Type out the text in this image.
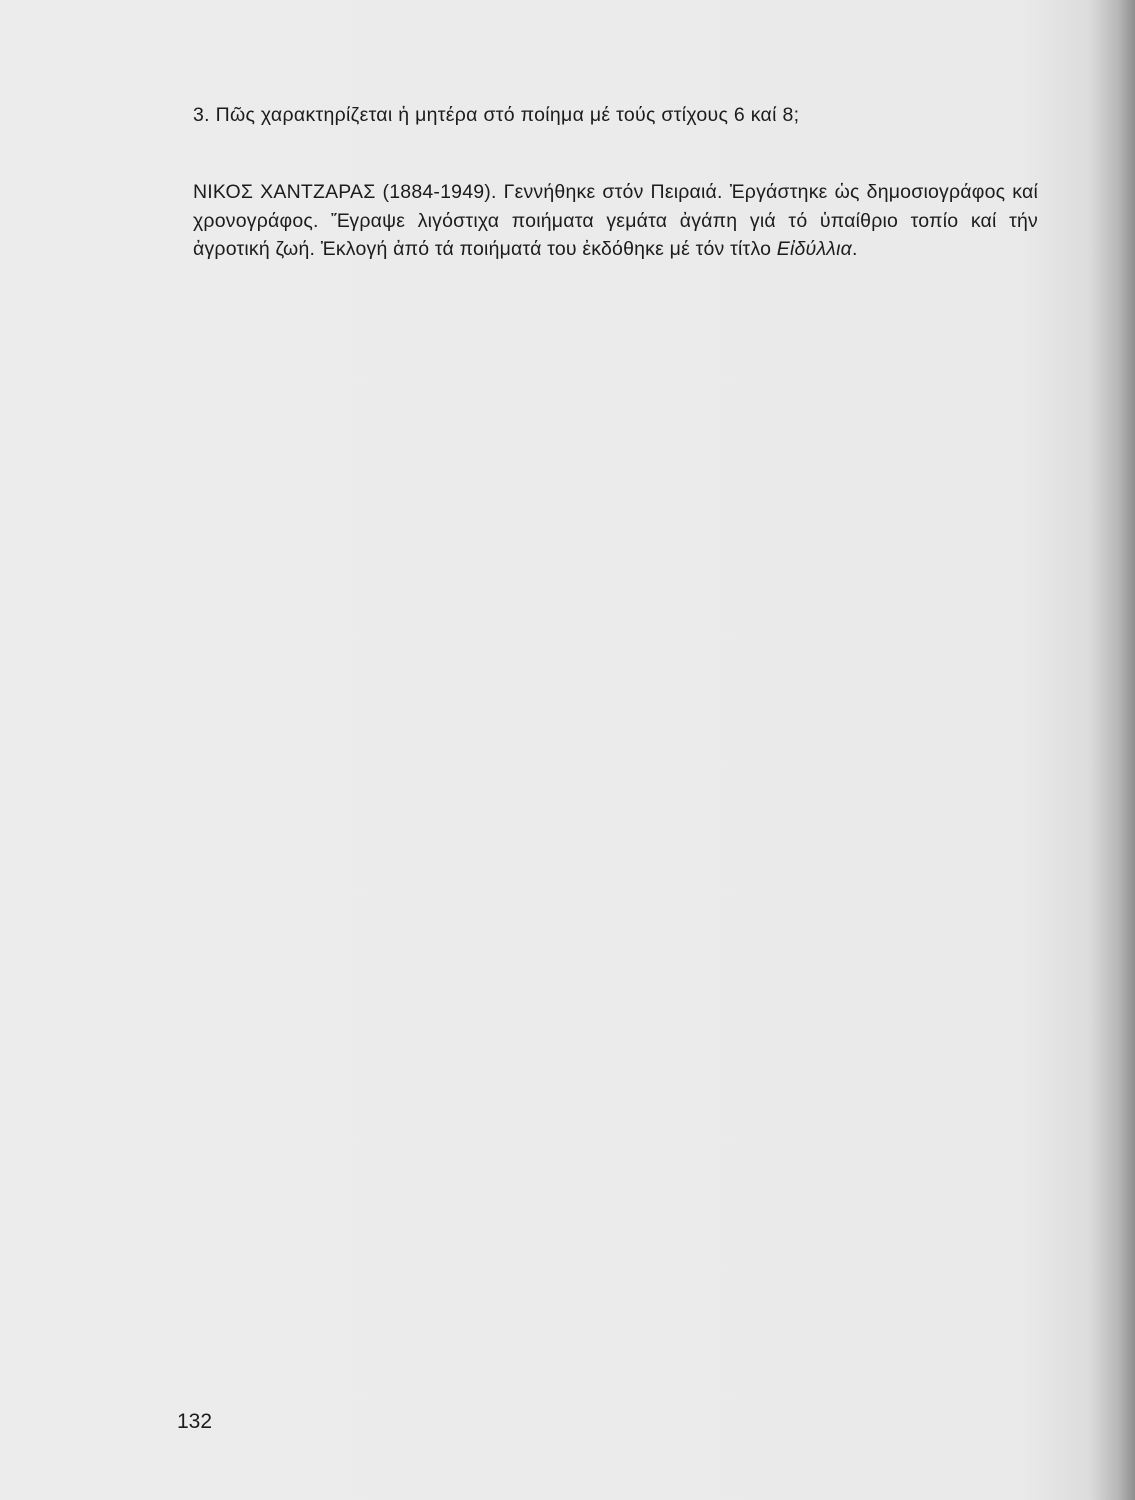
3. Πῶς χαρακτηρίζεται ἡ μητέρα στό ποίημα μέ τούς στίχους 6 καί 8;

ΝΙΚΟΣ ΧΑΝΤΖΑΡΑΣ (1884-1949). Γεννήθηκε στόν Πειραιά. Ἐργάστηκε ὡς δημοσιογράφος καί χρονογράφος. Ἔγραψε λιγόστιχα ποιήματα γεμάτα ἀγάπη γιά τό ὑπαίθριο τοπίο καί τήν ἀγροτική ζωή. Ἐκλογή ἀπό τά ποιήματά του ἐκδόθηκε μέ τόν τίτλο Εἰδύλλια.

132
